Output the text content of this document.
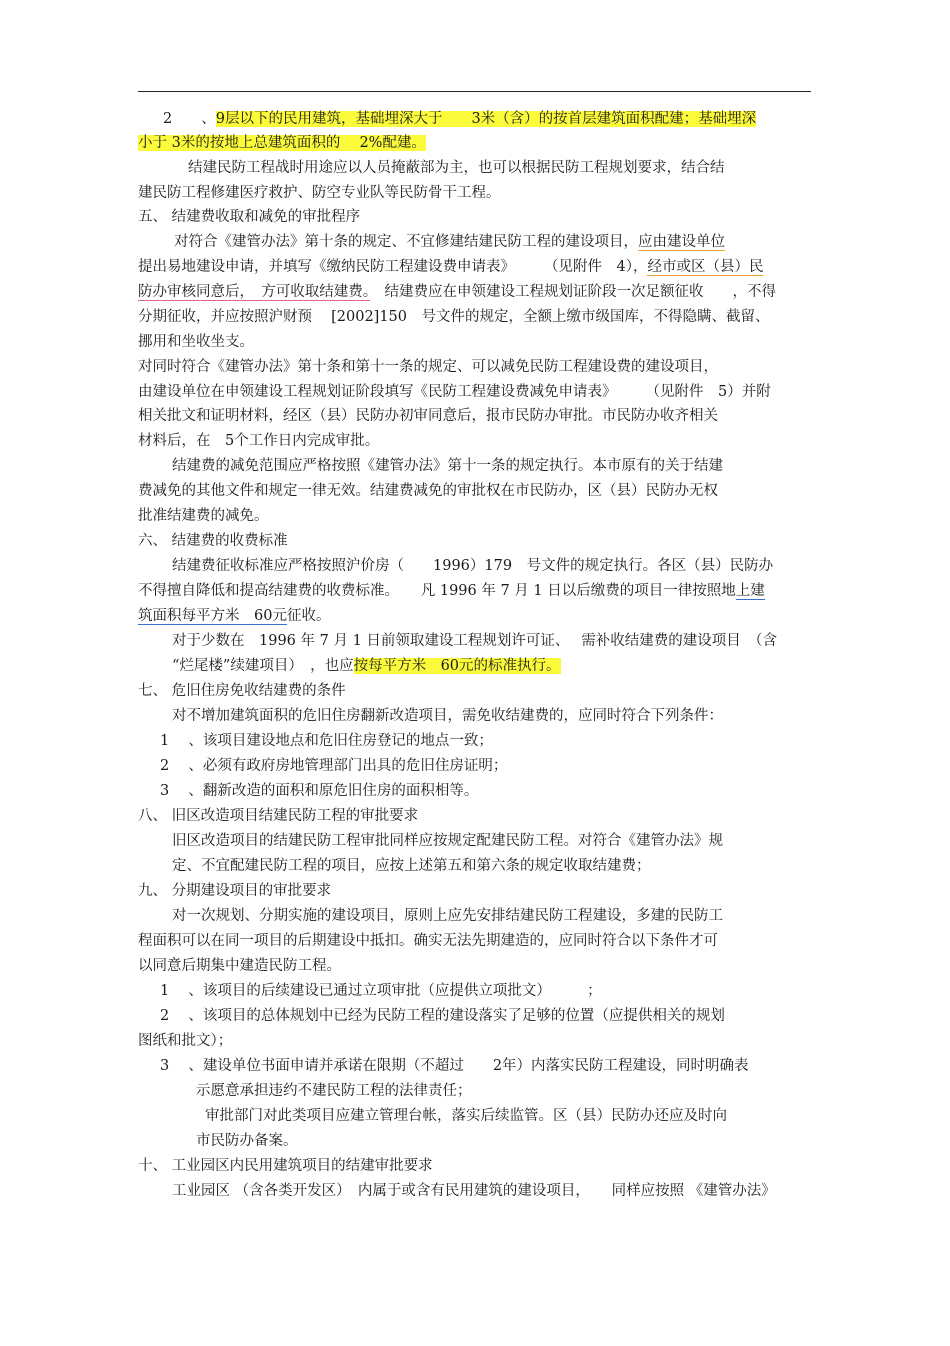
2　　、9层以下的民用建筑，基础埋深大于　　3米（含）的按首层建筑面积配建；基础埋深
小于 3米的按地上总建筑面积的　 2%配建。
结建民防工程战时用途应以人员掩蔽部为主，也可以根据民防工程规划要求，结合结
建民防工程修建医疗救护、防空专业队等民防骨干工程。
五、 结建费收取和减免的审批程序
对符合《建管办法》第十条的规定、不宜修建结建民防工程的建设项目，应由建设单位
提出易地建设申请，并填写《缴纳民防工程建设费申请表》　　　（见附件　4），经市或区（县）民
防办审核同意后，　方可收取结建费。　结建费应在申领建设工程规划证阶段一次足额征收　　，不得
分期征收，并应按照沪财预　 [2002]150　号文件的规定，全额上缴市级国库，不得隐瞒、截留、
挪用和坐收坐支。
对同时符合《建管办法》第十条和第十一条的规定、可以减免民防工程建设费的建设项目，
由建设单位在申领建设工程规划证阶段填写《民防工程建设费减免申请表》　　　（见附件　5）并附
相关批文和证明材料，经区（县）民防办初审同意后，报市民防办审批。市民防办收齐相关
材料后，在　5个工作日内完成审批。
结建费的减免范围应严格按照《建管办法》第十一条的规定执行。本市原有的关于结建
费减免的其他文件和规定一律无效。结建费减免的审批权在市民防办，区（县）民防办无权
批准结建费的减免。
六、 结建费的收费标准
结建费征收标准应严格按照沪价房（　　1996）179　号文件的规定执行。各区（县）民防办
不得擅自降低和提高结建费的收费标准。　　凡 1996 年 7 月 1 日以后缴费的项目一律按照地上建
筑面积每平方米　60元征收。
对于少数在　1996 年 7 月 1 日前领取建设工程规划许可证、　 需补收结建费的建设项目　（含
“烂尾楼”续建项目）　，也应按每平方米　60元的标准执行。
七、 危旧住房免收结建费的条件
对不增加建筑面积的危旧住房翻新改造项目，需免收结建费的，应同时符合下列条件：
1　 、该项目建设地点和危旧住房登记的地点一致；
2　 、必须有政府房地管理部门出具的危旧住房证明；
3　 、翻新改造的面积和原危旧住房的面积相等。
八、 旧区改造项目结建民防工程的审批要求
旧区改造项目的结建民防工程审批同样应按规定配建民防工程。对符合《建管办法》规
定、不宜配建民防工程的项目，应按上述第五和第六条的规定收取结建费；
九、 分期建设项目的审批要求
对一次规划、分期实施的建设项目，原则上应先安排结建民防工程建设，多建的民防工
程面积可以在同一项目的后期建设中抵扣。确实无法先期建造的，应同时符合以下条件才可
以同意后期集中建造民防工程。
1　 、该项目的后续建设已通过立项审批（应提供立项批文）　　　；
2　 、该项目的总体规划中已经为民防工程的建设落实了足够的位置（应提供相关的规划
图纸和批文）；
3　 、建设单位书面申请并承诺在限期（不超过　　2年）内落实民防工程建设，同时明确表
示愿意承担违约不建民防工程的法律责任；
审批部门对此类项目应建立管理台帐，落实后续监管。区（县）民防办还应及时向
市民防办备案。
十、 工业园区内民用建筑项目的结建审批要求
工业园区 （含各类开发区）　内属于或含有民用建筑的建设项目，　　同样应按照 《建管办法》
